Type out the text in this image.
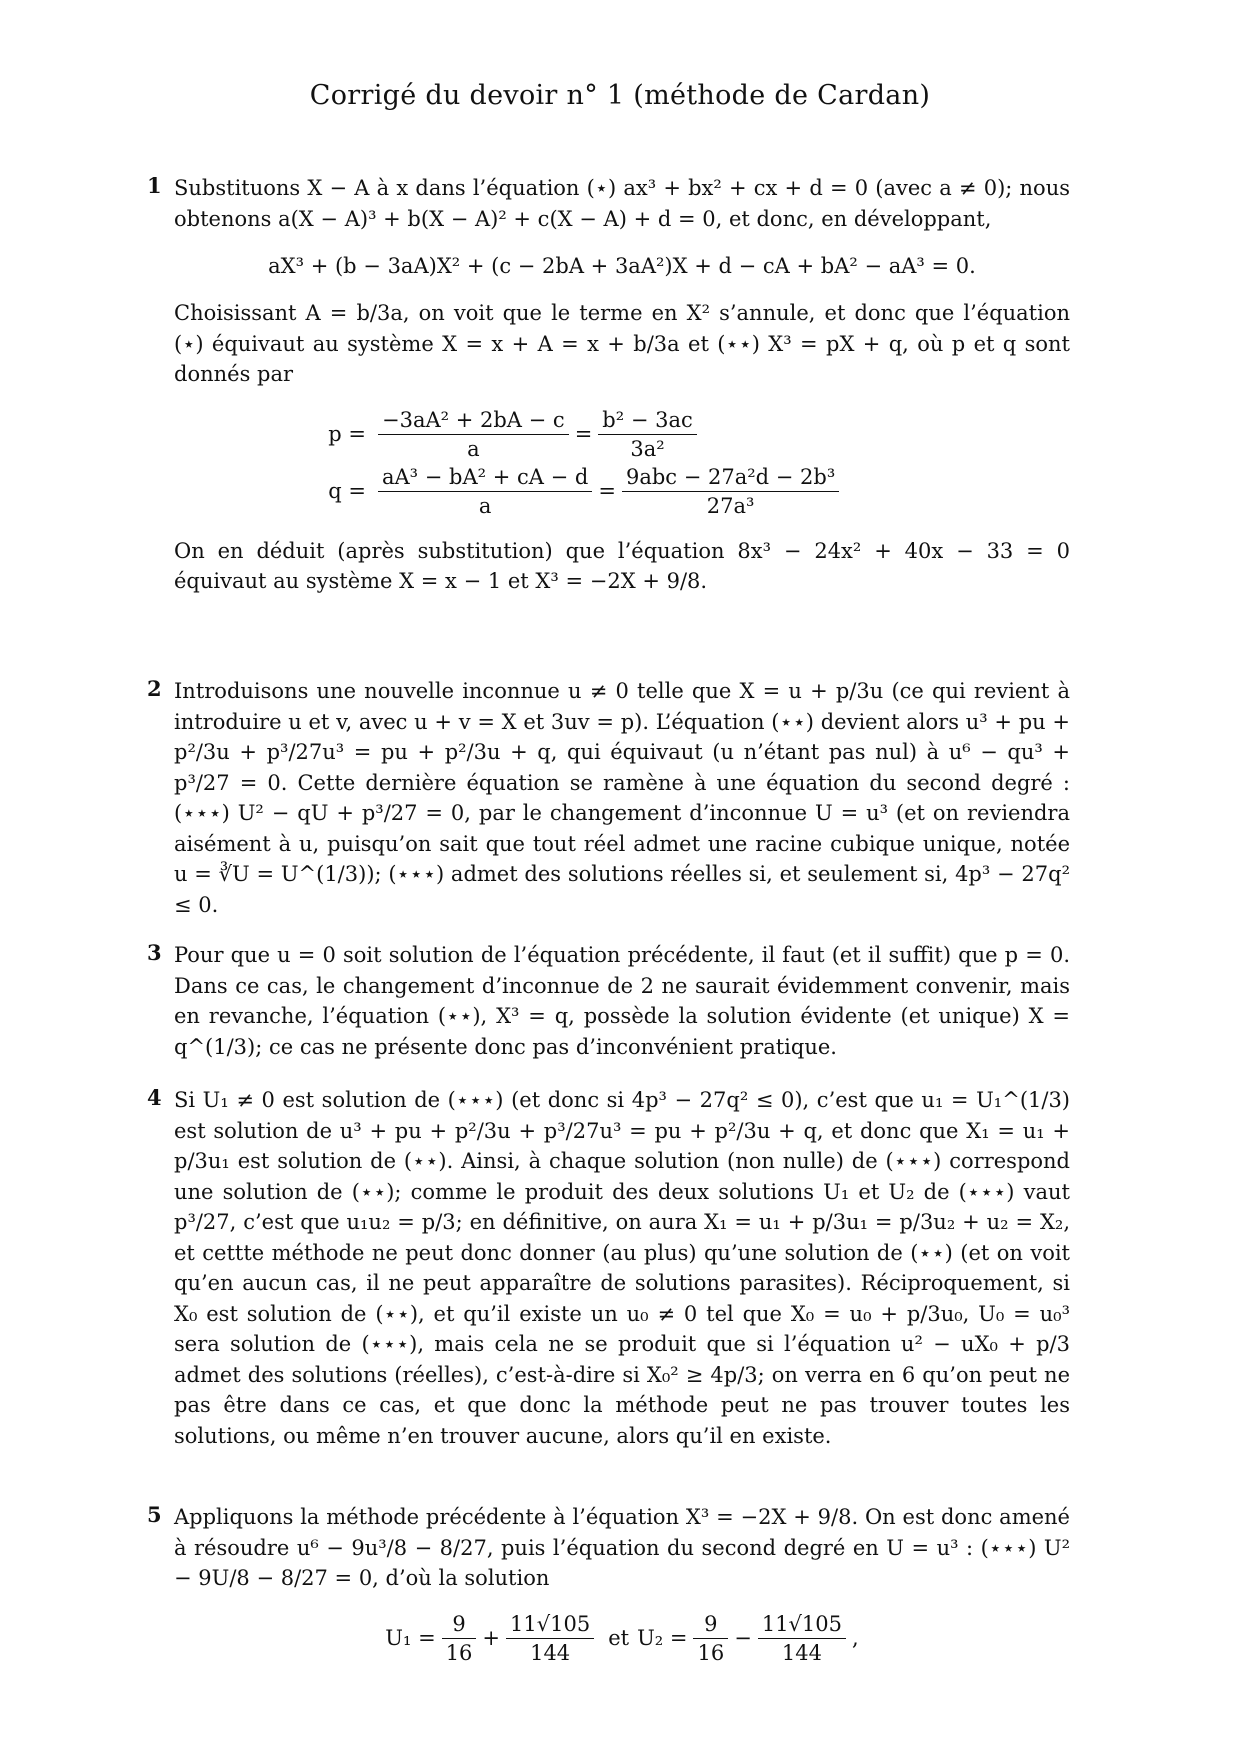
Corrigé du devoir n° 1 (méthode de Cardan)
1 Substituons X − A à x dans l’équation (⋆) ax³ + bx² + cx + d = 0 (avec a ≠ 0); nous obtenons a(X − A)³ + b(X − A)² + c(X − A) + d = 0, et donc, en développant,

aX³ + (b − 3aA)X² + (c − 2bA + 3aA²)X + d − cA + bA² − aA³ = 0.

Choisissant A = b/3a, on voit que le terme en X² s’annule, et donc que l’équation (⋆) équivaut au système X = x + A = x + b/3a et (⋆⋆) X³ = pX + q, où p et q sont donnés par

$p = \frac{\text{−3aA² + 2bA − c}}{a} = \frac{\text{b² − 3ac}}{\text{3a²}}$
$q = \frac{\text{aA³ − bA² + cA − d}}{a} = \frac{\text{9abc − 27a²d − 2b³}}{\text{27a³}}$

On en déduit (après substitution) que l’équation 8x³ − 24x² + 40x − 33 = 0 équivaut au système X = x − 1 et X³ = −2X + 9/8.

2 Introduisons une nouvelle inconnue u ≠ 0 telle que X = u + p/3u (ce qui revient à introduire u et v, avec u + v = X et 3uv = p). L’équation (⋆⋆) devient alors u³ + pu + p²/3u + p³/27u³ = pu + p²/3u + q, qui équivaut (u n’étant pas nul) à u⁶ − qu³ + p³/27 = 0. Cette dernière équation se ramène à une équation du second degré : (⋆⋆⋆) U² − qU + p³/27 = 0, par le changement d’inconnue U = u³ (et on reviendra aisément à u, puisqu’on sait que tout réel admet une racine cubique unique, notée u = ∛U = U^(1/3)); (⋆⋆⋆) admet des solutions réelles si, et seulement si, 4p³ − 27q² ≤ 0.

3 Pour que u = 0 soit solution de l’équation précédente, il faut (et il suffit) que p = 0. Dans ce cas, le changement d’inconnue de 2 ne saurait évidemment convenir, mais en revanche, l’équation (⋆⋆), X³ = q, possède la solution évidente (et unique) X = q^(1/3); ce cas ne présente donc pas d’inconvénient pratique.

4 Si U₁ ≠ 0 est solution de (⋆⋆⋆) (et donc si 4p³ − 27q² ≤ 0), c’est que u₁ = U₁^(1/3) est solution de u³ + pu + p²/3u + p³/27u³ = pu + p²/3u + q, et donc que X₁ = u₁ + p/3u₁ est solution de (⋆⋆). Ainsi, à chaque solution (non nulle) de (⋆⋆⋆) correspond une solution de (⋆⋆); comme le produit des deux solutions U₁ et U₂ de (⋆⋆⋆) vaut p³/27, c’est que u₁u₂ = p/3; en définitive, on aura X₁ = u₁ + p/3u₁ = p/3u₂ + u₂ = X₂, et cettte méthode ne peut donc donner (au plus) qu’une solution de (⋆⋆) (et on voit qu’en aucun cas, il ne peut apparaître de solutions parasites). Réciproquement, si X₀ est solution de (⋆⋆), et qu’il existe un u₀ ≠ 0 tel que X₀ = u₀ + p/3u₀, U₀ = u₀³ sera solution de (⋆⋆⋆), mais cela ne se produit que si l’équation u² − uX₀ + p/3 admet des solutions (réelles), c’est-à-dire si X₀² ≥ 4p/3; on verra en 6 qu’on peut ne pas être dans ce cas, et que donc la méthode peut ne pas trouver toutes les solutions, ou même n’en trouver aucune, alors qu’il en existe.

5 Appliquons la méthode précédente à l’équation X³ = −2X + 9/8. On est donc amené à résoudre u⁶ − 9u³/8 − 8/27, puis l’équation du second degré en U = u³ : (⋆⋆⋆) U² − 9U/8 − 8/27 = 0, d’où la solution

$U_1 = \frac{9}{16} + \frac{11√105}{144}$ et $U_2 = \frac{9}{16} - \frac{11√105}{144}$ ,
